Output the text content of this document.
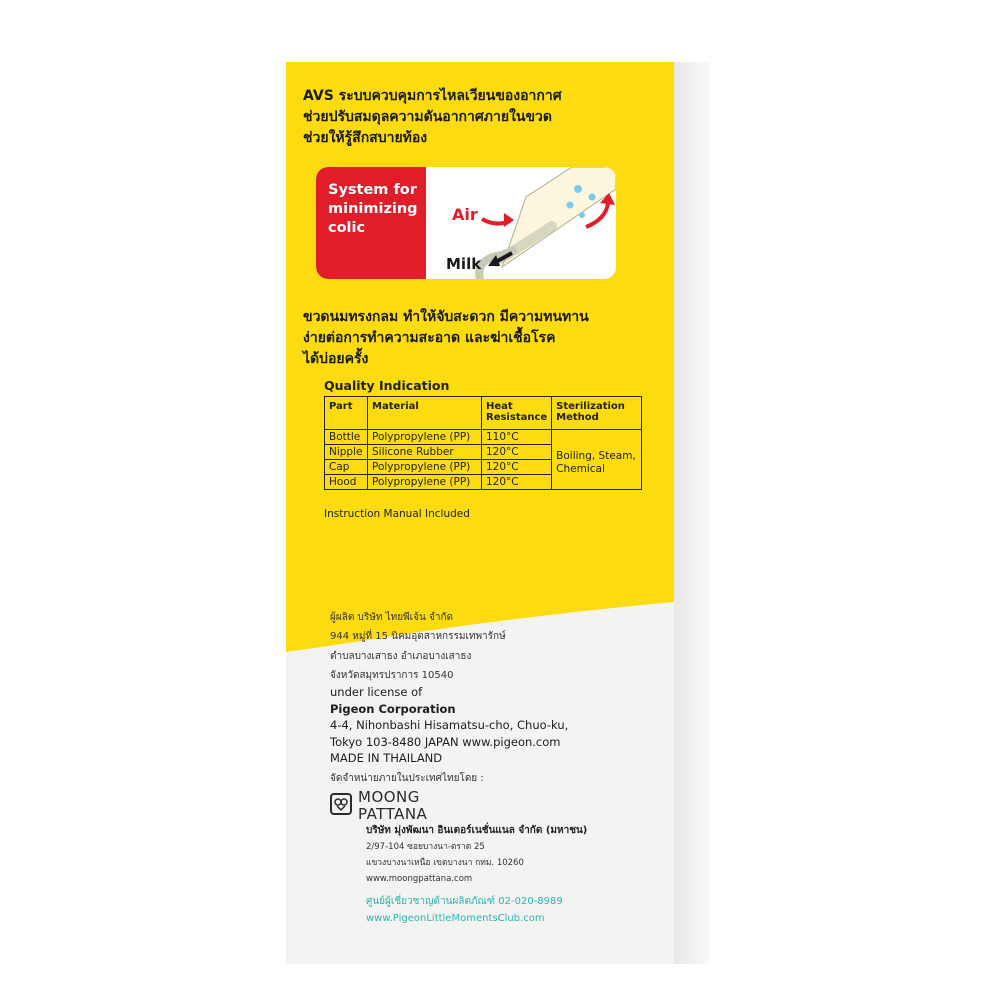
AVS ระบบควบคุมการไหลเวียนของอากาศ
ช่วยปรับสมดุลความดันอากาศภายในขวด
ช่วยให้รู้สึกสบายท้อง
System for
minimizing
colic
Air
Milk
ขวดนมทรงกลม ทำให้จับสะดวก มีความทนทาน
ง่ายต่อการทำความสะอาด และฆ่าเชื้อโรค
ได้บ่อยครั้ง
Quality Indication
Part	Material	Heat Resistance	Sterilization Method
Bottle	Polypropylene (PP)	110°C	Boiling, Steam, Chemical
Nipple	Silicone Rubber	120°C	
Cap	Polypropylene (PP)	120°C	
Hood	Polypropylene (PP)	120°C	
Instruction Manual Included
ผู้ผลิต บริษัท ไทยพีเจ้น จำกัด
944 หมู่ที่ 15 นิคมอุตสาหกรรมเทพารักษ์
ตำบลบางเสาธง อำเภอบางเสาธง
จังหวัดสมุทรปราการ 10540
under license of
Pigeon Corporation
4-4, Nihonbashi Hisamatsu-cho, Chuo-ku,
Tokyo 103-8480 JAPAN www.pigeon.com
MADE IN THAILAND
จัดจำหน่ายภายในประเทศไทยโดย :
MOONG
PATTANA
บริษัท มุ่งพัฒนา อินเตอร์เนชั่นแนล จำกัด (มหาชน)
2/97-104 ซอยบางนา-ตราด 25
แขวงบางนาเหนือ เขตบางนา กทม. 10260
www.moongpattana.com
ศูนย์ผู้เชี่ยวชาญด้านผลิตภัณฑ์ 02-020-8989
www.PigeonLittleMomentsClub.com
